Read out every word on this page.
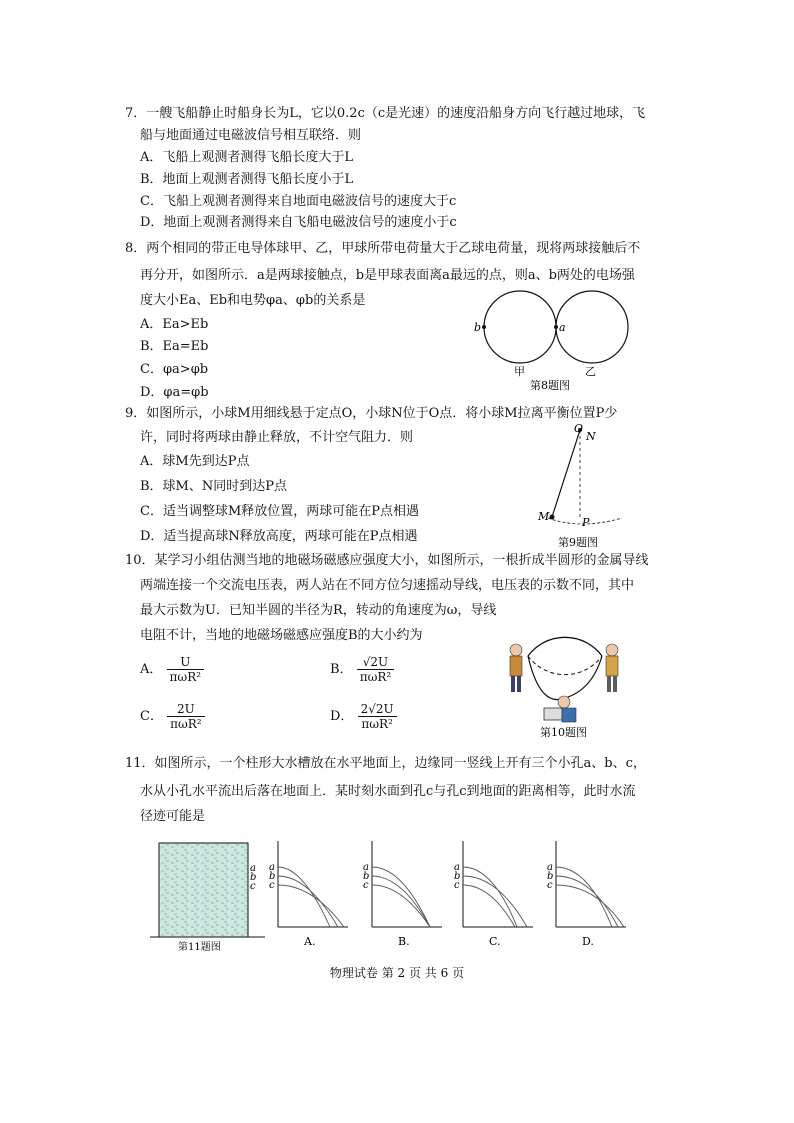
7．一艘飞船静止时船身长为L，它以0.2c（c是光速）的速度沿船身方向飞行越过地球，飞
船与地面通过电磁波信号相互联络．则
A．飞船上观测者测得飞船长度大于L
B．地面上观测者测得飞船长度小于L
C．飞船上观测者测得来自地面电磁波信号的速度大于c
D．地面上观测者测得来自飞船电磁波信号的速度小于c
8．两个相同的带正电导体球甲、乙，甲球所带电荷量大于乙球电荷量，现将两球接触后不
再分开，如图所示．a是两球接触点，b是甲球表面离a最远的点，则a、b两处的电场强
度大小Ea、Eb和电势φa、φb的关系是
A．Ea>Eb
B．Ea=Eb
C．φa>φb
D．φa=φb
b	a
甲	乙
第8题图
9．如图所示，小球M用细线悬于定点O，小球N位于O点．将小球M拉离平衡位置P少
许，同时将两球由静止释放，不计空气阻力．则
A．球M先到达P点
B．球M、N同时到达P点
C．适当调整球M释放位置，两球可能在P点相遇
D．适当提高球N释放高度，两球可能在P点相遇
O
N
M	P
第9题图
10．某学习小组估测当地的地磁场磁感应强度大小，如图所示，一根折成半圆形的金属导线
两端连接一个交流电压表，两人站在不同方位匀速摇动导线，电压表的示数不同，其中
最大示数为U．已知半圆的半径为R，转动的角速度为ω，导线
电阻不计，当地的地磁场磁感应强度B的大小约为
A． $\frac{U}{\text{πωR²}}$	B． $\frac{√2U}{\text{πωR²}}$
C． $\frac{2U}{\text{πωR²}}$	D． $\frac{2√2U}{\text{πωR²}}$
第10题图
11．如图所示，一个柱形大水槽放在水平地面上，边缘同一竖线上开有三个小孔a、b、c，
水从小孔水平流出后落在地面上．某时刻水面到孔c与孔c到地面的距离相等，此时水流
径迹可能是
a
b
c
第11题图
a
b
c
A.
a
b
c
B.
a
b
c
C.
a
b
c
D.
物理试卷 第 2 页 共 6 页
